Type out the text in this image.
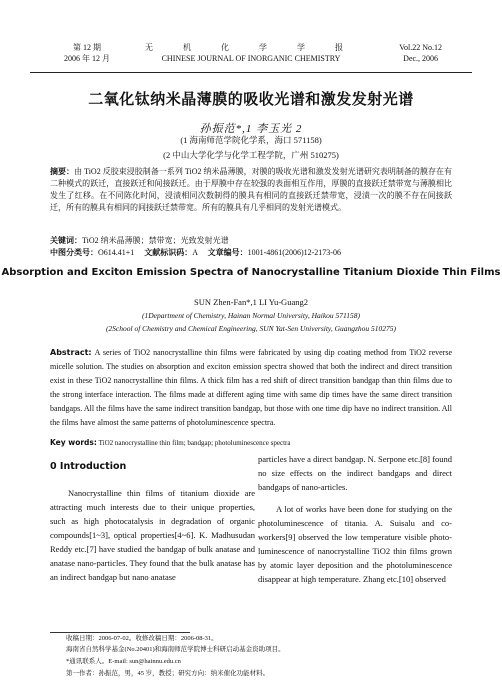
第 12 期
2006 年 12 月
无 机 化 学 学 报
CHINESE JOURNAL OF INORGANIC CHEMISTRY
Vol.22 No.12
Dec., 2006
二氧化钛纳米晶薄膜的吸收光谱和激发发射光谱
孙振范*,1 李玉光 2
(1 海南师范学院化学系，海口 571158)
(2 中山大学化学与化学工程学院，广州 510275)
摘要：由 TiO2 反胶束浸胶制备一系列 TiO2 纳米晶薄膜，对膜的吸收光谱和激发发射光谱研究表明制备的膜存在有二种模式的跃迁，直接跃迁和间接跃迁。由于厚膜中存在较强的表面相互作用，厚膜的直接跃迁禁带宽与薄膜相比发生了红移。在不同陈化时间，浸渍相同次数制得的膜具有相同的直接跃迁禁带宽，浸渍一次的膜不存在间接跃迁，所有的膜具有相同的间接跃迁禁带宽。所有的膜具有几乎相同的发射光谱模式。
关键词：TiO2 纳米晶薄膜；禁带宽；光致发射光谱
中图分类号：O614.41+1 文献标识码：A 文章编号：1001-4861(2006)12-2173-06
Absorption and Exciton Emission Spectra of Nanocrystalline Titanium Dioxide Thin Films
SUN Zhen-Fan*,1 LI Yu-Guang2
(1Department of Chemistry, Hainan Normal University, Haikou 571158)
(2School of Chemistry and Chemical Engineering, SUN Yat-Sen University, Guangzhou 510275)
Abstract: A series of TiO2 nanocrystalline thin films were fabricated by using dip coating method from TiO2 reverse micelle solution. The studies on absorption and exciton emission spectra showed that both the indirect and direct transition exist in these TiO2 nanocrystalline thin films. A thick film has a red shift of direct transition bandgap than thin films due to the strong interface interaction. The films made at different aging time with same dip times have the same direct transition bandgaps. All the films have the same indirect transition bandgap, but those with one time dip have no indirect transition. All the films have almost the same patterns of photoluminescence spectra.
Key words: TiO2 nanocrystalline thin film; bandgap; photoluminescence spectra
0 Introduction

Nanocrystalline thin films of titanium dioxide are attracting much interests due to their unique properties, such as high photocatalysis in degradation of organic compounds[1~3], optical properties[4~6]. K. Madhusudan Reddy etc.[7] have studied the bandgap of bulk anatase and anatase nano-particles. They found that the bulk anatase has an indirect bandgap but nano anatase

particles have a direct bandgap. N. Serpone etc.[8] found no size effects on the indirect bandgaps and direct bandgaps of nano-articles.

A lot of works have been done for studying on the photoluminescence of titania. A. Suisalu and co-workers[9] observed the low temperature visible photo-luminescence of nanocrystalline TiO2 thin films grown by atomic layer deposition and the photoluminescence disappear at high temperature. Zhang etc.[10] observed

收稿日期：2006-07-02。收修改稿日期：2006-08-31。
海南省自然科学基金(No.20401)和海南师范学院博士科研启动基金资助项目。
*通讯联系人。E-mail: sun@hainnu.edu.cn
第一作者：孙振范，男，45 岁，教授；研究方向：纳米催化功能材料。
